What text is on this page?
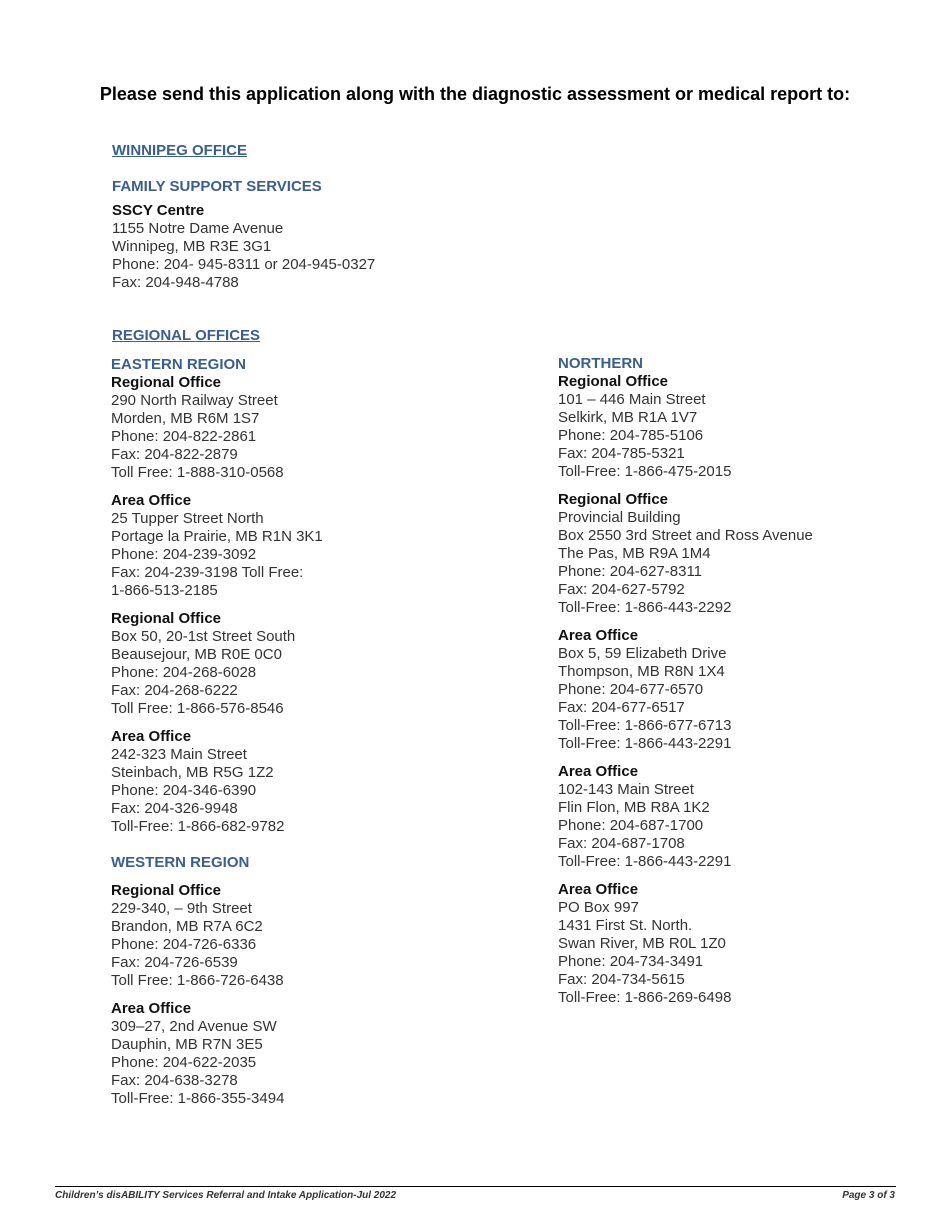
Please send this application along with the diagnostic assessment or medical report to:
WINNIPEG OFFICE
FAMILY SUPPORT SERVICES
SSCY Centre
1155 Notre Dame Avenue
Winnipeg, MB R3E 3G1
Phone: 204- 945-8311 or 204-945-0327
Fax: 204-948-4788
REGIONAL OFFICES
EASTERN REGION
Regional Office
290 North Railway Street
Morden, MB R6M 1S7
Phone: 204-822-2861
Fax: 204-822-2879
Toll Free: 1-888-310-0568
Area Office
25 Tupper Street North
Portage la Prairie, MB R1N 3K1
Phone: 204-239-3092
Fax: 204-239-3198 Toll Free:
1-866-513-2185
Regional Office
Box 50, 20-1st Street South
Beausejour, MB R0E 0C0
Phone: 204-268-6028
Fax: 204-268-6222
Toll Free: 1-866-576-8546
Area Office
242-323 Main Street
Steinbach, MB R5G 1Z2
Phone: 204-346-6390
Fax: 204-326-9948
Toll-Free: 1-866-682-9782
WESTERN REGION
Regional Office
229-340, – 9th Street
Brandon, MB R7A 6C2
Phone: 204-726-6336
Fax: 204-726-6539
Toll Free: 1-866-726-6438
Area Office
309–27, 2nd Avenue SW
Dauphin, MB R7N 3E5
Phone: 204-622-2035
Fax: 204-638-3278
Toll-Free: 1-866-355-3494
NORTHERN
Regional Office
101 – 446 Main Street
Selkirk, MB R1A 1V7
Phone: 204-785-5106
Fax: 204-785-5321
Toll-Free: 1-866-475-2015
Regional Office
Provincial Building
Box 2550 3rd Street and Ross Avenue
The Pas, MB R9A 1M4
Phone: 204-627-8311
Fax: 204-627-5792
Toll-Free: 1-866-443-2292
Area Office
Box 5, 59 Elizabeth Drive
Thompson, MB R8N 1X4
Phone: 204-677-6570
Fax: 204-677-6517
Toll-Free: 1-866-677-6713
Toll-Free: 1-866-443-2291
Area Office
102-143 Main Street
Flin Flon, MB R8A 1K2
Phone: 204-687-1700
Fax: 204-687-1708
Toll-Free: 1-866-443-2291
Area Office
PO Box 997
1431 First St. North.
Swan River, MB R0L 1Z0
Phone: 204-734-3491
Fax: 204-734-5615
Toll-Free: 1-866-269-6498
Children’s disABILITY Services Referral and Intake Application-Jul 2022	Page 3 of 3
